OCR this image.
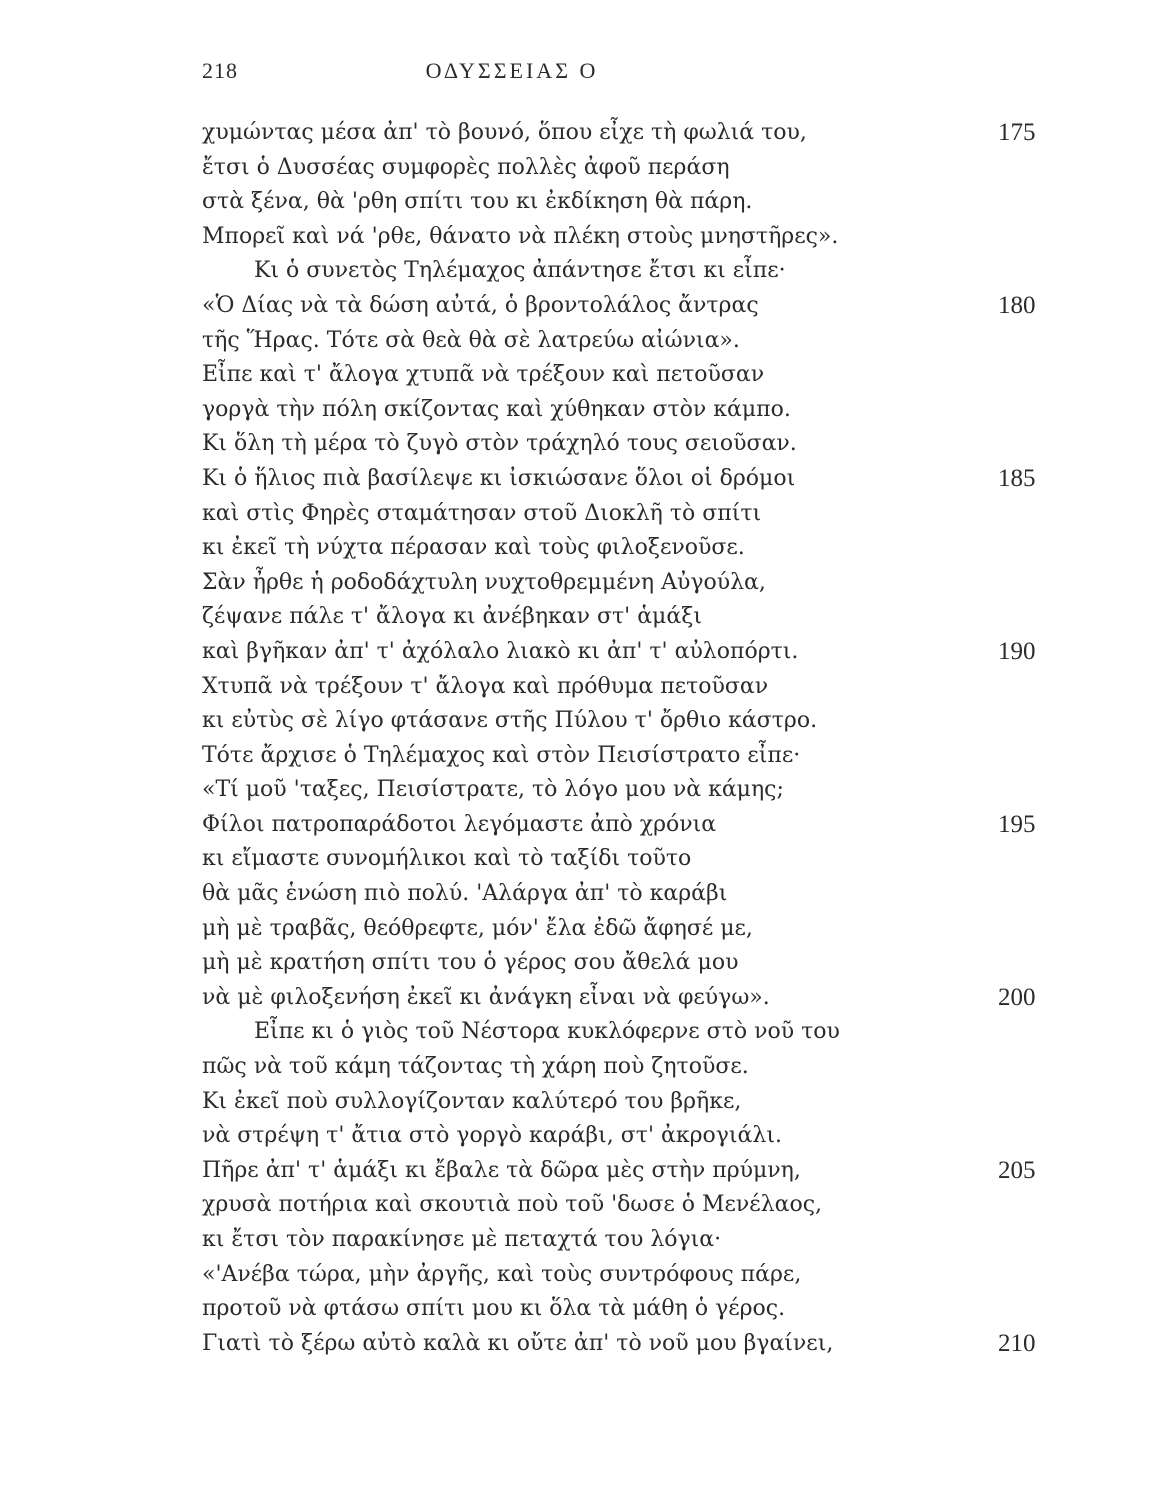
218	ΟΔΥΣΣΕΙΑΣ Ο
χυμώντας μέσα ἀπ' τὸ βουνό, ὅπου εἶχε τὴ φωλιά του,	175
ἔτσι ὁ Δυσσέας συμφορὲς πολλὲς ἀφοῦ περάση
στὰ ξένα, θὰ 'ρθη σπίτι του κι ἐκδίκηση θὰ πάρη.
Μπορεῖ καὶ νά 'ρθε, θάνατο νὰ πλέκη στοὺς μνηστῆρες».
Κι ὁ συνετὸς Τηλέμαχος ἀπάντησε ἔτσι κι εἶπε·
«Ὁ Δίας νὰ τὰ δώση αὐτά, ὁ βροντολάλος ἄντρας	180
τῆς Ἥρας. Τότε σὰ θεὰ θὰ σὲ λατρεύω αἰώνια».
Εἶπε καὶ τ' ἄλογα χτυπᾶ νὰ τρέξουν καὶ πετοῦσαν
γοργὰ τὴν πόλη σκίζοντας καὶ χύθηκαν στὸν κάμπο.
Κι ὅλη τὴ μέρα τὸ ζυγὸ στὸν τράχηλό τους σειοῦσαν.
Κι ὁ ἥλιος πιὰ βασίλεψε κι ἰσκιώσανε ὅλοι οἱ δρόμοι	185
καὶ στὶς Φηρὲς σταμάτησαν στοῦ Διοκλῆ τὸ σπίτι
κι ἐκεῖ τὴ νύχτα πέρασαν καὶ τοὺς φιλοξενοῦσε.
Σὰν ἦρθε ἡ ροδοδάχτυλη νυχτοθρεμμένη Αὐγούλα,
ζέψανε πάλε τ' ἄλογα κι ἀνέβηκαν στ' ἁμάξι
καὶ βγῆκαν ἀπ' τ' ἀχόλαλο λιακὸ κι ἀπ' τ' αὐλοπόρτι.	190
Χτυπᾶ νὰ τρέξουν τ' ἄλογα καὶ πρόθυμα πετοῦσαν
κι εὐτὺς σὲ λίγο φτάσανε στῆς Πύλου τ' ὄρθιο κάστρο.
Τότε ἄρχισε ὁ Τηλέμαχος καὶ στὸν Πεισίστρατο εἶπε·
«Τί μοῦ 'ταξες, Πεισίστρατε, τὸ λόγο μου νὰ κάμης;
Φίλοι πατροπαράδοτοι λεγόμαστε ἀπὸ χρόνια	195
κι εἴμαστε συνομήλικοι καὶ τὸ ταξίδι τοῦτο
θὰ μᾶς ἑνώση πιὸ πολύ. 'Αλάργα ἀπ' τὸ καράβι
μὴ μὲ τραβᾶς, θεόθρεφτε, μόν' ἔλα ἐδῶ ἄφησέ με,
μὴ μὲ κρατήση σπίτι του ὁ γέρος σου ἄθελά μου
νὰ μὲ φιλοξενήση ἐκεῖ κι ἀνάγκη εἶναι νὰ φεύγω».	200
Εἶπε κι ὁ γιὸς τοῦ Νέστορα κυκλόφερνε στὸ νοῦ του
πῶς νὰ τοῦ κάμη τάζοντας τὴ χάρη ποὺ ζητοῦσε.
Κι ἐκεῖ ποὺ συλλογίζονταν καλύτερό του βρῆκε,
νὰ στρέψη τ' ἄτια στὸ γοργὸ καράβι, στ' ἀκρογιάλι.
Πῆρε ἀπ' τ' ἁμάξι κι ἔβαλε τὰ δῶρα μὲς στὴν πρύμνη,	205
χρυσὰ ποτήρια καὶ σκουτιὰ ποὺ τοῦ 'δωσε ὁ Μενέλαος,
κι ἔτσι τὸν παρακίνησε μὲ πεταχτά του λόγια·
«'Ανέβα τώρα, μὴν ἀργῆς, καὶ τοὺς συντρόφους πάρε,
προτοῦ νὰ φτάσω σπίτι μου κι ὅλα τὰ μάθη ὁ γέρος.
Γιατὶ τὸ ξέρω αὐτὸ καλὰ κι οὔτε ἀπ' τὸ νοῦ μου βγαίνει,	210
